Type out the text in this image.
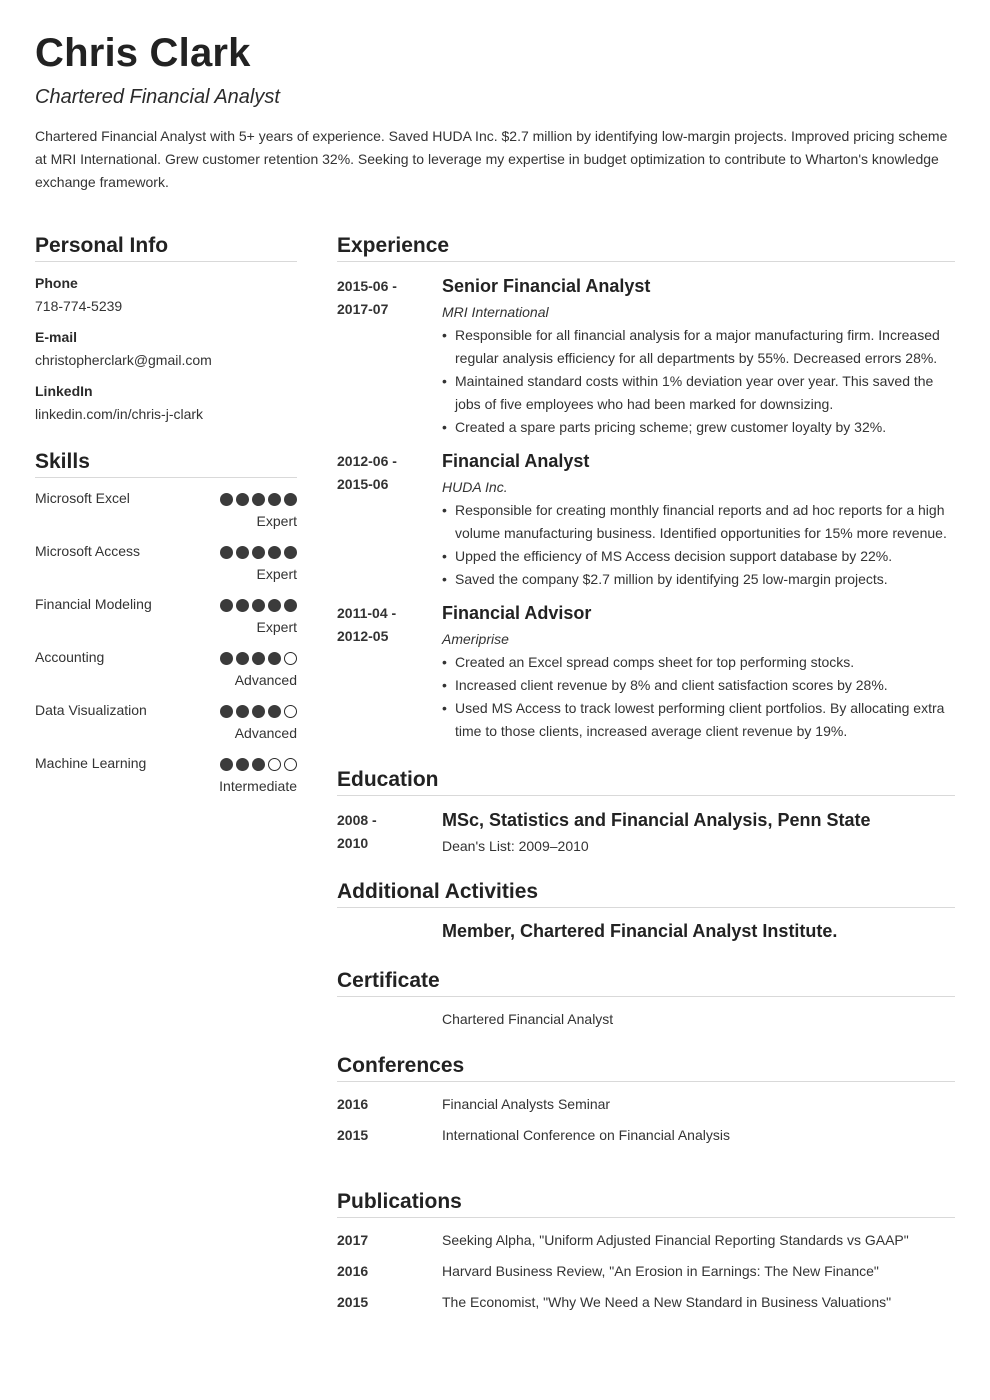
Chris Clark
Chartered Financial Analyst
Chartered Financial Analyst with 5+ years of experience. Saved HUDA Inc. $2.7 million by identifying low-margin projects. Improved pricing scheme at MRI International. Grew customer retention 32%. Seeking to leverage my expertise in budget optimization to contribute to Wharton's knowledge exchange framework.
Personal Info
Phone
718-774-5239
E-mail
christopherclark@gmail.com
LinkedIn
linkedin.com/in/chris-j-clark
Skills
Microsoft Excel
Expert
Microsoft Access
Expert
Financial Modeling
Expert
Accounting
Advanced
Data Visualization
Advanced
Machine Learning
Intermediate
Experience
2015-06 -
2017-07
Senior Financial Analyst
MRI International
• Responsible for all financial analysis for a major manufacturing firm. Increased regular analysis efficiency for all departments by 55%. Decreased errors 28%.
• Maintained standard costs within 1% deviation year over year. This saved the jobs of five employees who had been marked for downsizing.
• Created a spare parts pricing scheme; grew customer loyalty by 32%.
2012-06 -
2015-06
Financial Analyst
HUDA Inc.
• Responsible for creating monthly financial reports and ad hoc reports for a high volume manufacturing business. Identified opportunities for 15% more revenue.
• Upped the efficiency of MS Access decision support database by 22%.
• Saved the company $2.7 million by identifying 25 low-margin projects.
2011-04 -
2012-05
Financial Advisor
Ameriprise
• Created an Excel spread comps sheet for top performing stocks.
• Increased client revenue by 8% and client satisfaction scores by 28%.
• Used MS Access to track lowest performing client portfolios. By allocating extra time to those clients, increased average client revenue by 19%.
Education
2008 -
2010
MSc, Statistics and Financial Analysis, Penn State
Dean's List: 2009–2010
Additional Activities
Member, Chartered Financial Analyst Institute.
Certificate
Chartered Financial Analyst
Conferences
2016	Financial Analysts Seminar
2015	International Conference on Financial Analysis
Publications
2017	Seeking Alpha, "Uniform Adjusted Financial Reporting Standards vs GAAP"
2016	Harvard Business Review, "An Erosion in Earnings: The New Finance"
2015	The Economist, "Why We Need a New Standard in Business Valuations"
